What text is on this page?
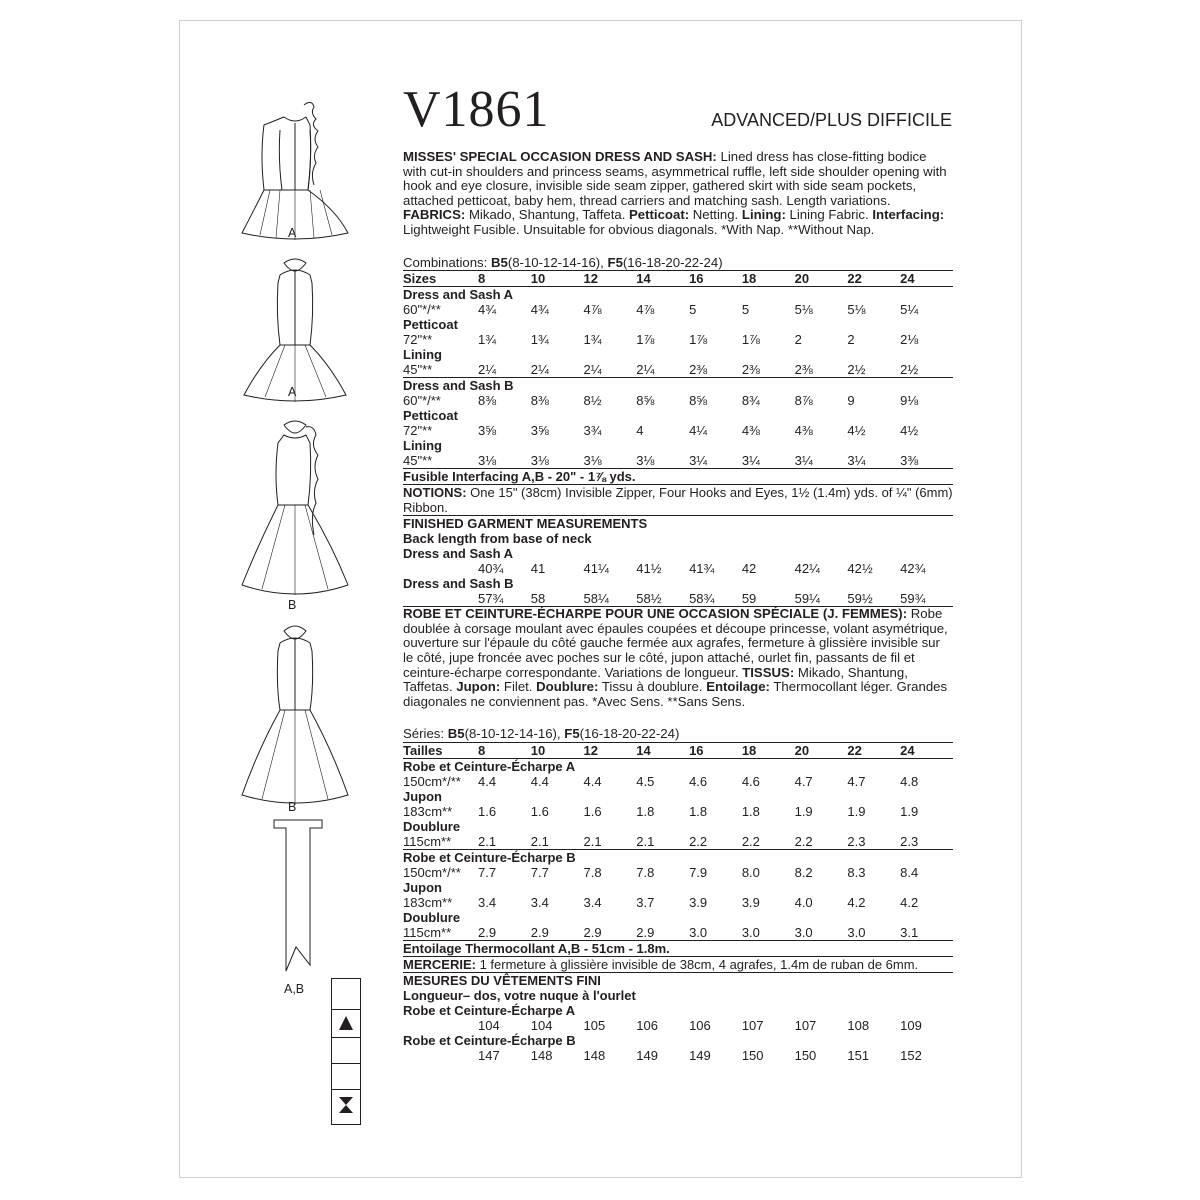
A
A
B
B
A,B
V1861	ADVANCED/PLUS DIFFICILE

MISSES' SPECIAL OCCASION DRESS AND SASH: Lined dress has close-fitting bodice with cut-in shoulders and princess seams, asymmetrical ruffle, left side shoulder opening with hook and eye closure, invisible side seam zipper, gathered skirt with side seam pockets, attached petticoat, baby hem, thread carriers and matching sash. Length variations. FABRICS: Mikado, Shantung, Taffeta. Petticoat: Netting. Lining: Lining Fabric. Interfacing: Lightweight Fusible. Unsuitable for obvious diagonals. *With Nap. **Without Nap.

Combinations: B5(8-10-12-14-16), F5(16-18-20-22-24)
Sizes	8	10	12	14	16	18	20	22	24
Dress and Sash A									
60"*/**	4¾	4¾	4⅞	4⅞	5	5	5⅛	5⅛	5¼
Petticoat									
72"**	1¾	1¾	1¾	1⅞	1⅞	1⅞	2	2	2⅛
Lining									
45"**	2¼	2¼	2¼	2¼	2⅜	2⅜	2⅜	2½	2½
Dress and Sash B									
60"*/**	8⅜	8⅜	8½	8⅝	8⅝	8¾	8⅞	9	9⅛
Petticoat									
72"**	3⅝	3⅝	3¾	4	4¼	4⅜	4⅜	4½	4½
Lining									
45"**	3⅛	3⅛	3⅛	3⅛	3¼	3¼	3¼	3¼	3⅜
Fusible Interfacing A,B - 20" - 1⅞ yds.									
NOTIONS: One 15" (38cm) Invisible Zipper, Four Hooks and Eyes, 1½ (1.4m) yds. of ¼" (6mm) Ribbon.									
FINISHED GARMENT MEASUREMENTS									
Back length from base of neck									
Dress and Sash A									
	40¾	41	41¼	41½	41¾	42	42¼	42½	42¾
Dress and Sash B									
	57¾	58	58¼	58½	58¾	59	59¼	59½	59¾

ROBE ET CEINTURE-ÉCHARPE POUR UNE OCCASION SPÉCIALE (J. FEMMES): Robe doublée à corsage moulant avec épaules coupées et découpe princesse, volant asymétrique, ouverture sur l'épaule du côté gauche fermée aux agrafes, fermeture à glissière invisible sur le côté, jupe froncée avec poches sur le côté, jupon attaché, ourlet fin, passants de fil et ceinture-écharpe correspondante. Variations de longueur. TISSUS: Mikado, Shantung, Taffetas. Jupon: Filet. Doublure: Tissu à doublure. Entoilage: Thermocollant léger. Grandes diagonales ne conviennent pas. *Avec Sens. **Sans Sens.

Séries: B5(8-10-12-14-16), F5(16-18-20-22-24)
Tailles	8	10	12	14	16	18	20	22	24
Robe et Ceinture-Écharpe A									
150cm*/**	4.4	4.4	4.4	4.5	4.6	4.6	4.7	4.7	4.8
Jupon									
183cm**	1.6	1.6	1.6	1.8	1.8	1.8	1.9	1.9	1.9
Doublure									
115cm**	2.1	2.1	2.1	2.1	2.2	2.2	2.2	2.3	2.3
Robe et Ceinture-Écharpe B									
150cm*/**	7.7	7.7	7.8	7.8	7.9	8.0	8.2	8.3	8.4
Jupon									
183cm**	3.4	3.4	3.4	3.7	3.9	3.9	4.0	4.2	4.2
Doublure									
115cm**	2.9	2.9	2.9	2.9	3.0	3.0	3.0	3.0	3.1
Entoilage Thermocollant A,B - 51cm - 1.8m.									
MERCERIE: 1 fermeture à glissière invisible de 38cm, 4 agrafes, 1.4m de ruban de 6mm.									
MESURES DU VÊTEMENTS FINI									
Longueur– dos, votre nuque à l'ourlet									
Robe et Ceinture-Écharpe A									
	104	104	105	106	106	107	107	108	109
Robe et Ceinture-Écharpe B									
	147	148	148	149	149	150	150	151	152
